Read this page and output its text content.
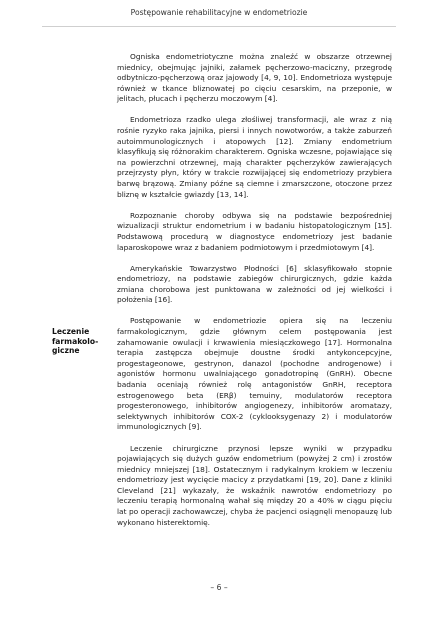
Postępowanie rehabilitacyjne w endometriozie
Leczenie farmakolo-giczne

Ogniska endometriotyczne można znaleźć w obszarze otrzewnej miednicy, obejmując jajniki, załamek pęcherzowo-maciczny, przegrodę odbytniczo-pęcherzową oraz jajowody [4, 9, 10]. Endometrioza występuje również w tkance bliznowatej po cięciu cesarskim, na przeponie, w jelitach, płucach i pęcherzu moczowym [4].

Endometrioza rzadko ulega złośliwej transformacji, ale wraz z nią rośnie ryzyko raka jajnika, piersi i innych nowotworów, a także zaburzeń autoimmunologicznych i atopowych [12]. Zmiany endometrium klasyfikują się różnorakim charakterem. Ogniska wczesne, pojawiające się na powierzchni otrzewnej, mają charakter pęcherzyków zawierających przejrzysty płyn, który w trakcie rozwijającej się endometriozy przybiera barwę brązową. Zmiany późne są ciemne i zmarszczone, otoczone przez bliznę w kształcie gwiazdy [13, 14].

Rozpoznanie choroby odbywa się na podstawie bezpośredniej wizualizacji struktur endometrium i w badaniu histopatologicznym [15]. Podstawową procedurą w diagnostyce endometriozy jest badanie laparoskopowe wraz z badaniem podmiotowym i przedmiotowym [4].

Amerykańskie Towarzystwo Płodności [6] sklasyfikowało stopnie endometriozy, na podstawie zabiegów chirurgicznych, gdzie każda zmiana chorobowa jest punktowana w zależności od jej wielkości i położenia [16].

Postępowanie w endometriozie opiera się na leczeniu farmakologicznym, gdzie głównym celem postępowania jest zahamowanie owulacji i krwawienia miesiączkowego [17]. Hormonalna terapia zastępcza obejmuje doustne środki antykoncepcyjne, progestageonowe, gestrynon, danazol (pochodne androgenowe) i agonistów hormonu uwalniającego gonadotropinę (GnRH). Obecne badania oceniają również rolę antagonistów GnRH, receptora estrogenowego beta (ERβ) temuiny, modulatorów receptora progesteronowego, inhibitorów angiogenezy, inhibitorów aromatazy, selektywnych inhibitorów COX-2 (cyklooksygenazy 2) i modulatorów immunologicznych [9].

Leczenie chirurgiczne przynosi lepsze wyniki w przypadku pojawiających się dużych guzów endometrium (powyżej 2 cm) i zrostów miednicy mniejszej [18]. Ostatecznym i radykalnym krokiem w leczeniu endometriozy jest wycięcie macicy z przydatkami [19, 20]. Dane z kliniki Cleveland [21] wykazały, że wskaźnik nawrotów endometriozy po leczeniu terapią hormonalną wahał się między 20 a 40% w ciągu pięciu lat po operacji zachowawczej, chyba że pacjenci osiągnęli menopauzę lub wykonano histerektomię.

– 6 –
